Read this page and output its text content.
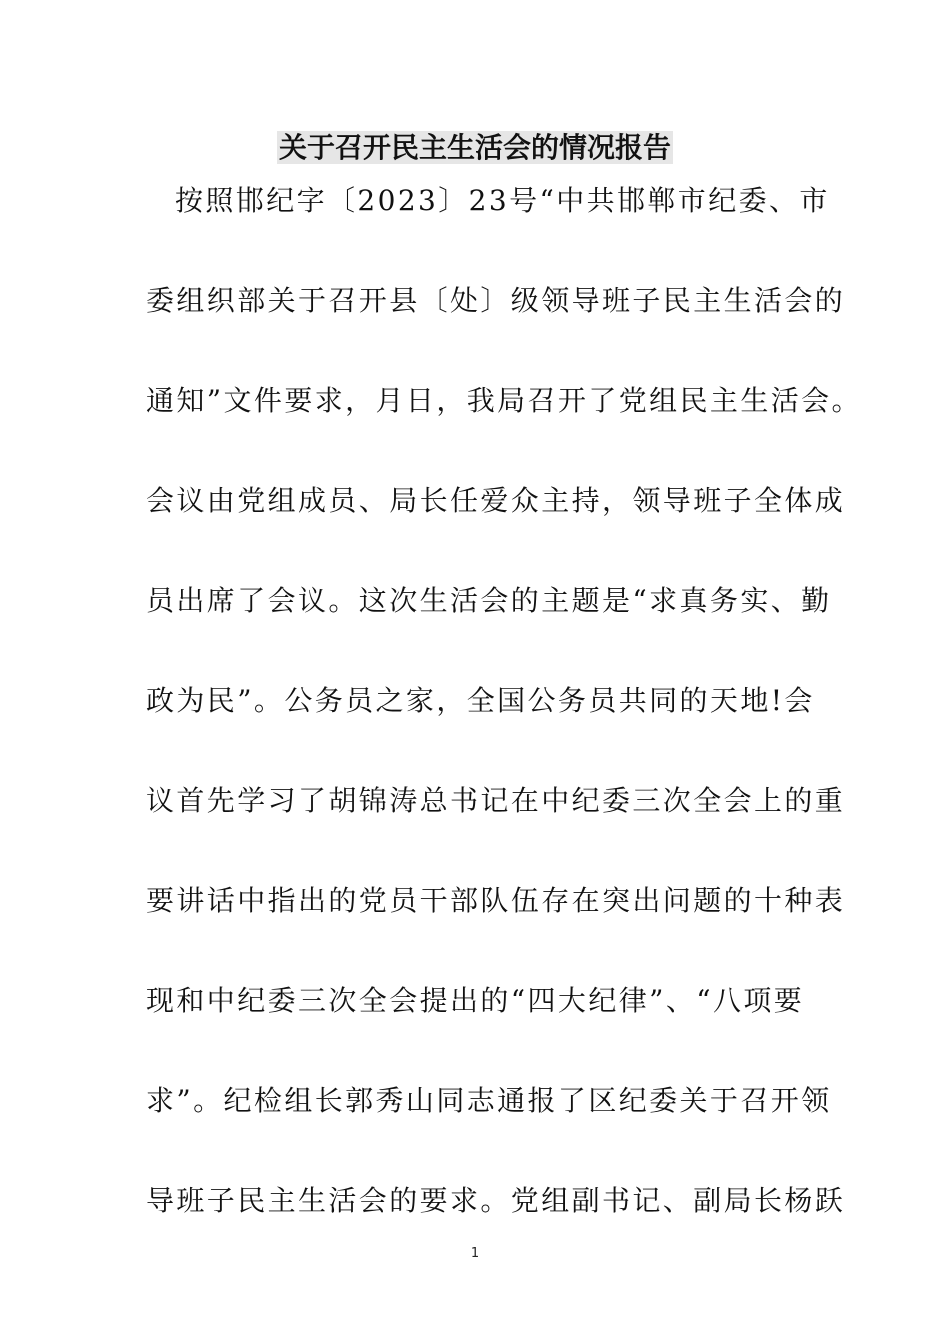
关于召开民主生活会的情况报告
按照邯纪字〔2023〕23号“中共邯郸市纪委、市
委组织部关于召开县〔处〕级领导班子民主生活会的
通知”文件要求，月日，我局召开了党组民主生活会。
会议由党组成员、局长任爱众主持，领导班子全体成
员出席了会议。这次生活会的主题是“求真务实、勤
政为民”。公务员之家，全国公务员共同的天地!会
议首先学习了胡锦涛总书记在中纪委三次全会上的重
要讲话中指出的党员干部队伍存在突出问题的十种表
现和中纪委三次全会提出的“四大纪律”、“八项要
求”。纪检组长郭秀山同志通报了区纪委关于召开领
导班子民主生活会的要求。党组副书记、副局长杨跃
1
